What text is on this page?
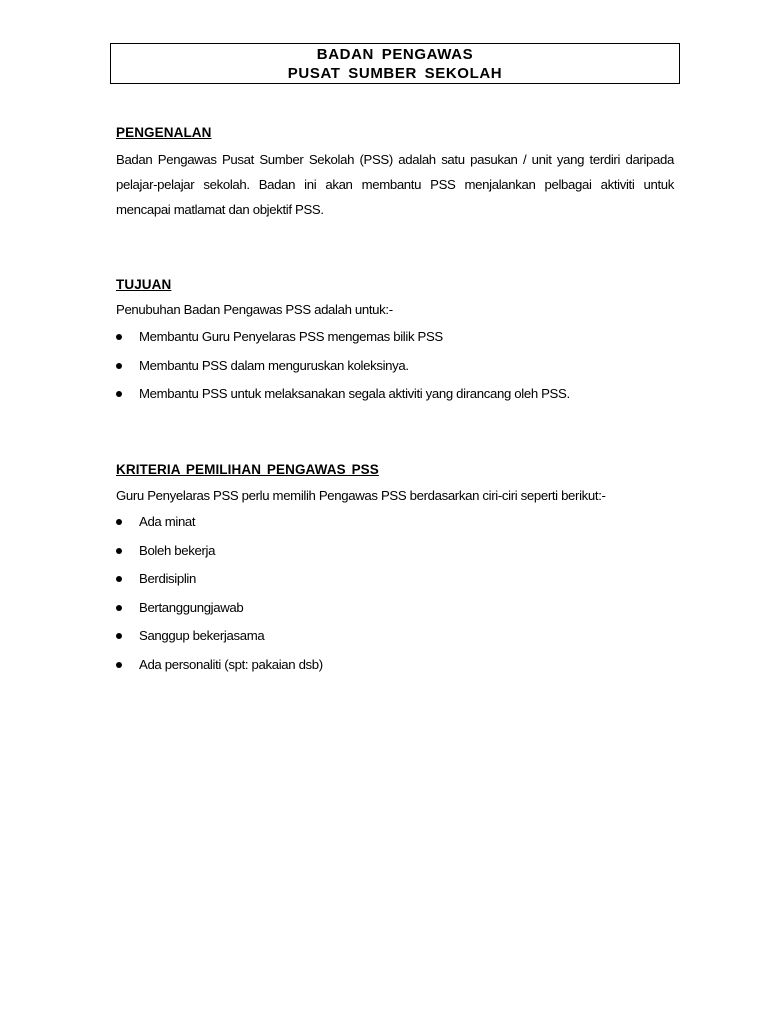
BADAN PENGAWAS
PUSAT SUMBER SEKOLAH
PENGENALAN
Badan Pengawas Pusat Sumber Sekolah (PSS) adalah satu pasukan / unit yang terdiri daripada pelajar-pelajar sekolah. Badan ini akan membantu PSS menjalankan pelbagai aktiviti untuk mencapai matlamat dan objektif PSS.
TUJUAN
Penubuhan Badan Pengawas PSS adalah untuk:-
Membantu Guru Penyelaras PSS mengemas bilik PSS
Membantu PSS dalam menguruskan koleksinya.
Membantu PSS untuk melaksanakan segala aktiviti yang dirancang oleh PSS.
KRITERIA PEMILIHAN PENGAWAS PSS
Guru Penyelaras PSS perlu memilih Pengawas PSS berdasarkan ciri-ciri seperti berikut:-
Ada minat
Boleh bekerja
Berdisiplin
Bertanggungjawab
Sanggup bekerjasama
Ada personaliti (spt: pakaian dsb)
